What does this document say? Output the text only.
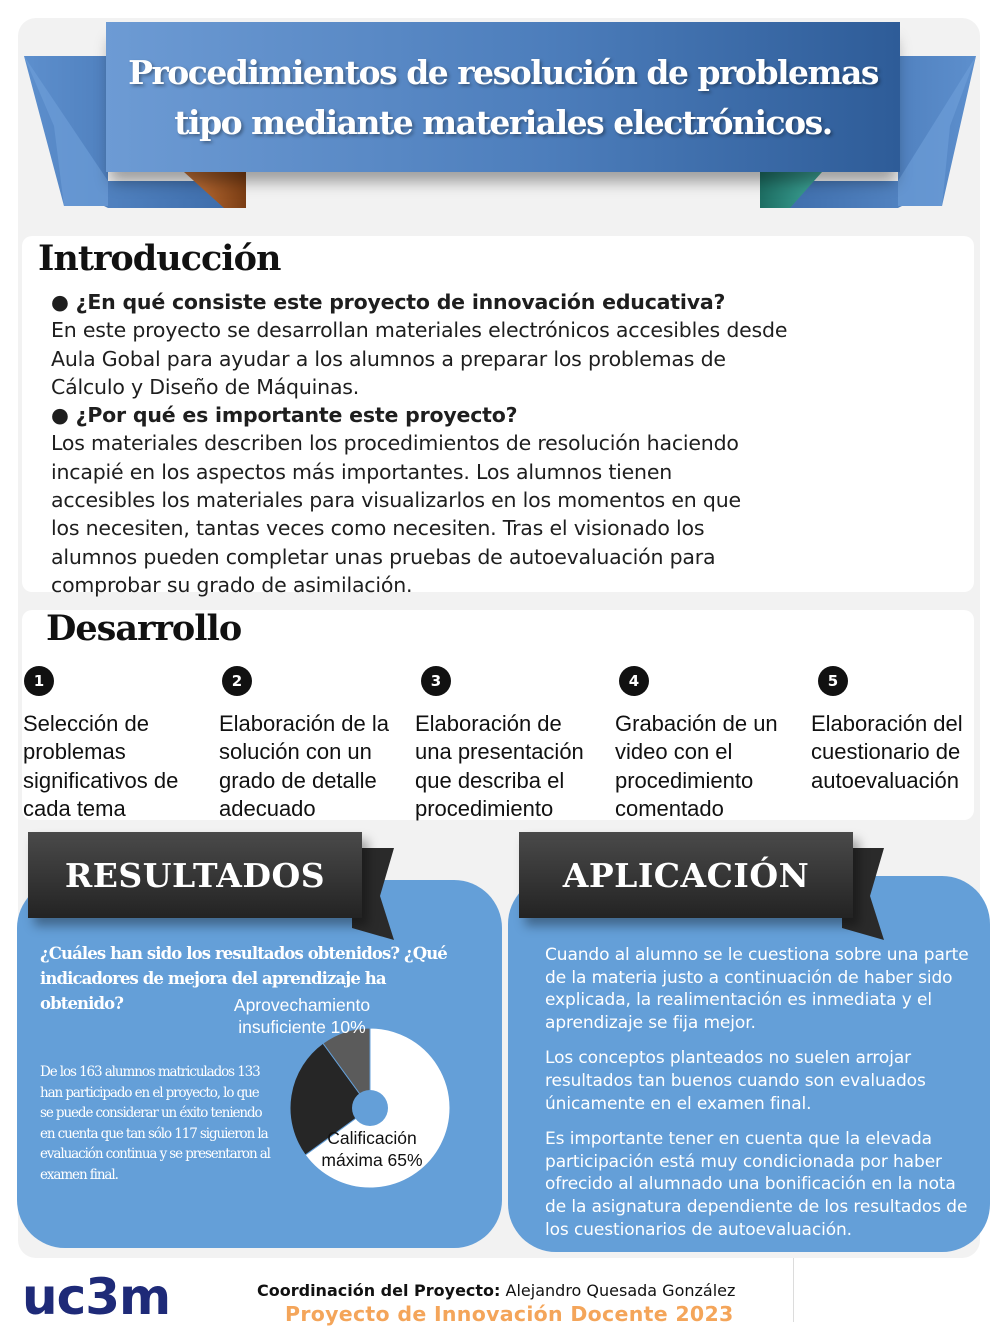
Procedimientos de resolución de problemas
tipo mediante materiales electrónicos.
Introducción
● ¿En qué consiste este proyecto de innovación educativa?
En este proyecto se desarrollan materiales electrónicos accesibles desde Aula Gobal para ayudar a los alumnos a preparar los problemas de Cálculo y Diseño de Máquinas.
● ¿Por qué es importante este proyecto?
Los materiales describen los procedimientos de resolución haciendo incapié en los aspectos más importantes. Los alumnos tienen accesibles los materiales para visualizarlos en los momentos en que los necesiten, tantas veces como necesiten. Tras el visionado los alumnos pueden completar unas pruebas de autoevaluación para comprobar su grado de asimilación.
Desarrollo
1
Selección de problemas significativos de cada tema
2
Elaboración de la solución con un grado de detalle adecuado
3
Elaboración de una presentación que describa el procedimiento
4
Grabación de un video con el procedimiento comentado
5
Elaboración del cuestionario de autoevaluación
RESULTADOS
¿Cuáles han sido los resultados obtenidos? ¿Qué indicadores de mejora del aprendizaje ha obtenido?
De los 163 alumnos matriculados 133 han participado en el proyecto, lo que se puede considerar un éxito teniendo en cuenta que tan sólo 117 siguieron la evaluación continua y se presentaron al examen final.
Aprovechamiento insuficiente 10%
Calificación máxima 65%
APLICACIÓN

Cuando al alumno se le cuestiona sobre una parte de la materia justo a continuación de haber sido explicada, la realimentación es inmediata y el aprendizaje se fija mejor.

Los conceptos planteados no suelen arrojar resultados tan buenos cuando son evaluados únicamente en el examen final.

Es importante tener en cuenta que la elevada participación está muy condicionada por haber ofrecido al alumnado una bonificación en la nota de la asignatura dependiente de los resultados de los cuestionarios de autoevaluación.

uc3m	Coordinación del Proyecto: Alejandro Quesada González
Proyecto de Innovación Docente 2023
